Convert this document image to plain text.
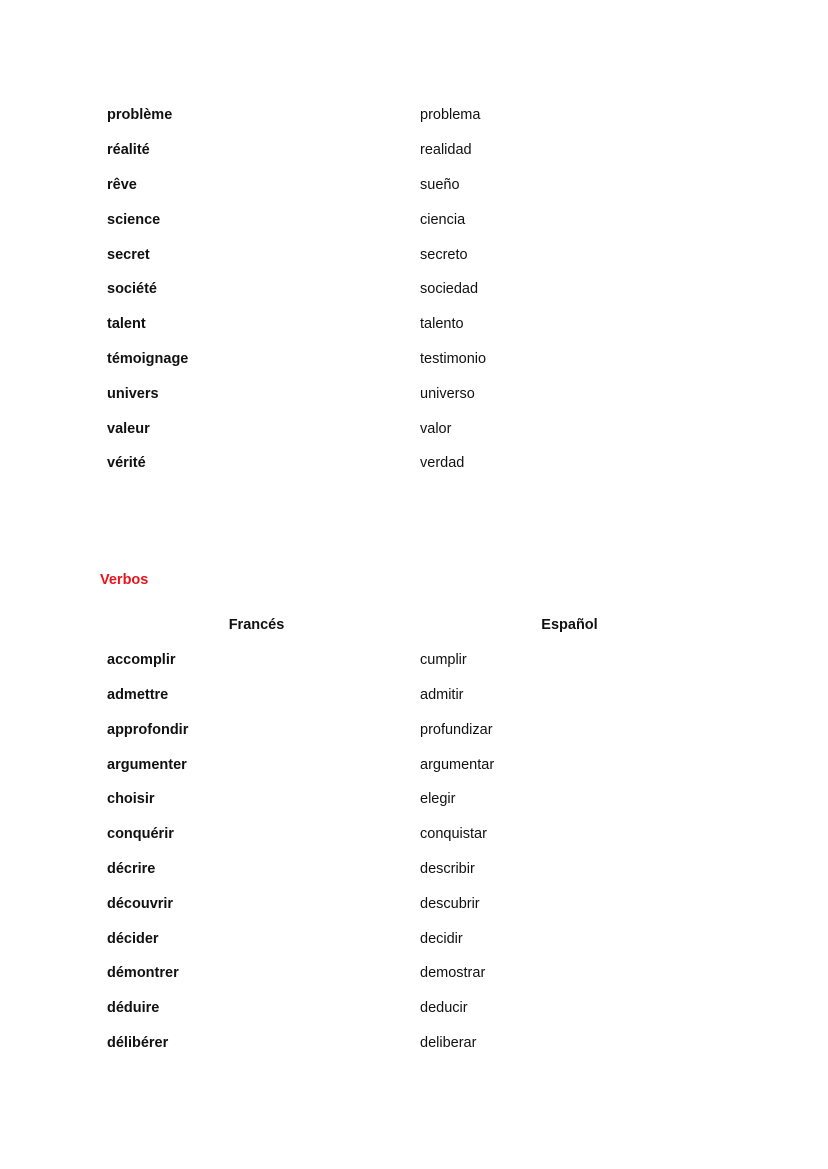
problème	problema
réalité	realidad
rêve	sueño
science	ciencia
secret	secreto
société	sociedad
talent	talento
témoignage	testimonio
univers	universo
valeur	valor
vérité	verdad
Verbos
Francés	Español
accomplir	cumplir
admettre	admitir
approfondir	profundizar
argumenter	argumentar
choisir	elegir
conquérir	conquistar
décrire	describir
découvrir	descubrir
décider	decidir
démontrer	demostrar
déduire	deducir
délibérer	deliberar
